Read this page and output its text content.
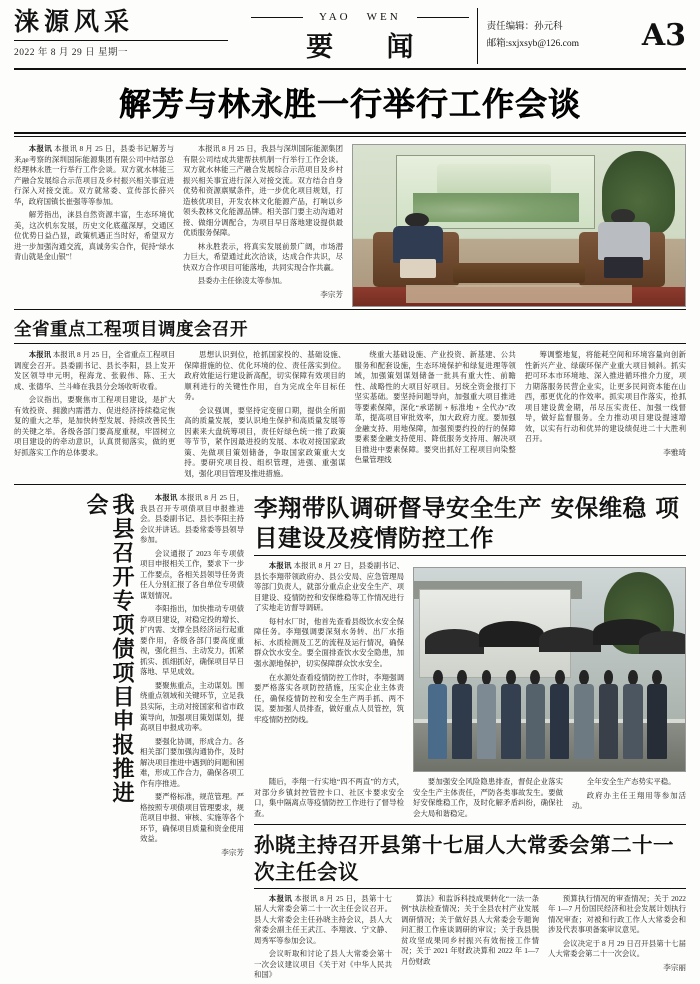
涞源风采
2022 年 8 月 29 日 星期一
YAO WEN
要 闻
责任编辑：孙元科
邮箱:sxjxsyb@126.com	A3
解芳与林永胜一行举行工作会谈

本报讯 本报讯 8 月 25 日，县委书记解芳与来де考察的深圳国际能源集团有限公司中结部总经理林永胜一行举行工作会谈。双方就水林能三产融合发展综合示范项目及乡村振兴相关事宜进行深入对接交流。双方就常委、宣传部长薛兴华，政府国镇长崔强等等参加。

解芳指出，涞县自然资源丰富，生态环境优美，这次机东发展，历史文化底蕴深厚，交通区位优势日益凸显，政策机遇正当时好，希望双方进一步加强沟通交流，真诚务实合作，促持“绿水青山就是金山银”！

本报讯 8 月 25 日，我县与深圳国际能源集团有限公司结成共建帮扶机制一行举行工作会谈。双方就水林能三产融合发展综合示范项目及乡村振兴相关事宜进行深入对接交流。双方结合自身优势和资源禀赋条件，进一步优化项目规划，打造核优项目，开发农林文化能源产品，打响以乡领头教林文化能源品牌。相关部门要主动沟通对接、做细分调配合，为项目早日落地建设提供最优质服务保障。

林永胜表示，将真实发展前景广阔，市场潜力巨大，希望通过此次洽谈，达成合作共识，尽快双方合作项目可能落地，共同实现合作共赢。

县委办主任徐凌太等参加。

李宗芳
全省重点工程项目调度会召开

本报讯 本报讯 8 月 25 日，全省重点工程项目调度会召开。县委副书记、县长李阳，县上发开发区领导申元明，程海龙、张毅伟、陈、王大成、张德华、兰斗峰在我县分会场收听收看。

会议指出，要聚焦市工程项目建设，是扩大有效投资、拥激内需潜力、促进经济持续稳定恢复的重大之举，是加快转型发展、持续改善民生的关键之举。各级各部门要高度重视，牢固树立项目建设的的牵动意识，认真贯彻落实，做的更好抓落实工作的总体要求。

思想认识到位，抢抓国家投的、基础设施、保障措施的位、优化环境的位、责任落实到位。政府效能运行建设新高配，切实保障有效项目的顺利进行的关键性作用，自为完成全年目标任务。

会议强调，要坚持定变留口期，提供全所面高的质量发展，要认识地生保护和高质量发展等因素来大盘统筹项目，责任好绿色统一推了政策等节节，紧作因最进投的发展、本收对接国家政策、先做项目策划储备，争取国家政策重大支持。要研究项目投、组织管理，进强、重强谋划，强化项目管理及推进措施。

绕重大基础设施、产业投资、新基建、公共服务和配套设施，生态环境保护和绿复进理等领域，加强策划谋划储备一批具有重大性、前瞻性、战略性的大项目好项目。另统全资金报打下坚实基础。要坚持问题导向，加强重大项目推进等要素保障，深化“承诺制 + 标准地 + 全代办”改革，提高项目审批效率，加大政府力度。要加强金融支持、用地保障，加强预要约投的行的保障要素要金融支持使用、降低服务支持用、解决项目推进中要素保障。要突出抓好工程项目向染整色量管理线

筹调整地复，将能耗空间和环境容量向创新性新兴产业、绿碳环保产业重大项目倾斜。抓实把可环本市环境地、深入推进循环推介力度，项力期落服务民营企业实，让更多民间资本能在山西，那更优化的作效率。抓实项目作落实，抢抓项目建设黄金期，吊尽压实责任、加强一线督导，做好监督服务。全力推动项目建设提速增效，以实有行动和优异的建设绩促进二十大胜利召开。

李雅琦
我县召开专项债项目申报推进会	本报讯 本报讯 8 月 25 日，我县召开专项债项目申报推进会。县委副书记、县长李阳主持会议并讲话。县委常委等县领导参加。

会议通报了 2023 年专项债项目申报相关工作，要求下一步工作要点，各相关县领导任务责任人分别汇报了各自单位专项债谋划情况。

李阳指出，加快推动专项债券项目建设，对稳定投的增长、扩内需、支撑全县经济运行起重要作用，各级各部门要高度重视，强化担当、主动发力，抓紧抓实、抓细抓好，确保项目早日落地、早见成效。

要聚焦重点，主动谋划。围绕重点领域和关键环节，立足我县实际，主动对接国家和省市政策导向，加强项目策划谋划，提高项目申报成功率。

要强化协调，形成合力。各相关部门要加强沟通协作，及时解决项目推进中遇到的问题和困难，形成工作合力，确保各项工作有序推进。

要严格标准，规范管理。严格按照专项债项目管理要求，规范项目申报、审核、实施等各个环节，确保项目质量和资金使用效益。

李宗芳
李翔带队调研督导安全生产 安保维稳 项目建设及疫情防控工作

本报讯 本报讯 8 月 27 日，县委副书记、县长李翔带领政府办、县公安局、应急管理局等部门负责人，就部分重点企业安全生产、项目建设、疫情防控和安保维稳等工作情况进行了实地走访督导调研。

每村水厂时，他首先查看县级饮水安全保障任务。李翔强调要深刻水务转、出厂水指标、水质检测及工艺的流程及运行情况，确保群众饮水安全。要全面排查饮水安全隐患，加强水源地保护，切实保障群众饮水安全。

在水源处查看疫情防控工作时，李翔强调要严格落实各项防控措施，压实企业主体责任，确保疫情防控和安全生产两手抓、两不误。要加强人员排查，做好重点人员管控，筑牢疫情防控防线。

随后，李翔一行实地“四不两直”的方式，对部分乡镇封控管控卡口、社区卡要求安全口，集中隔离点等疫情防控工作进行了督导检查。

要加强安全风险隐患排查，督促企业落实安全生产主体责任，严防各类事故发生。要做好安保维稳工作，及时化解矛盾纠纷，确保社会大局和谐稳定。

全年安全生产态势实平稳。

政府办主任王翔用等参加活动。

孙晓主持召开县第十七届人大常委会第二十一次主任会议

本报讯 本报讯 8 月 25 日，县第十七届人大常委会第二十一次主任会议召开。县人大常委会主任孙晓主持会议，县人大常委会副主任王武江、李翔波、宁文静、周秀军等参加会议。

会议听取和讨论了县人大常委会第十一次会议建议项目《关于对《中华人民共和国》

算法》和监诉科技成果转化“一法一条例”执法检查情况；关于全县农村产业发展调研情况；关于做好县人大常委会专题询问汇报工作座谈调研的审议；关于我县脱贫攻坚成果同乡村振兴有效衔接工作情况；关于 2021 年财政决算和 2022 年 1—7 月份财政

预算执行情况的审查情况；关于 2022 年 1—7 月份国民经济和社会发展计划执行情况审查；对被和行政工作人大常委会和涉及代表事项备案审议意见。

会议决定于 8 月 29 日召开县第十七届人大常委会第二十一次会议。

李宗丽
